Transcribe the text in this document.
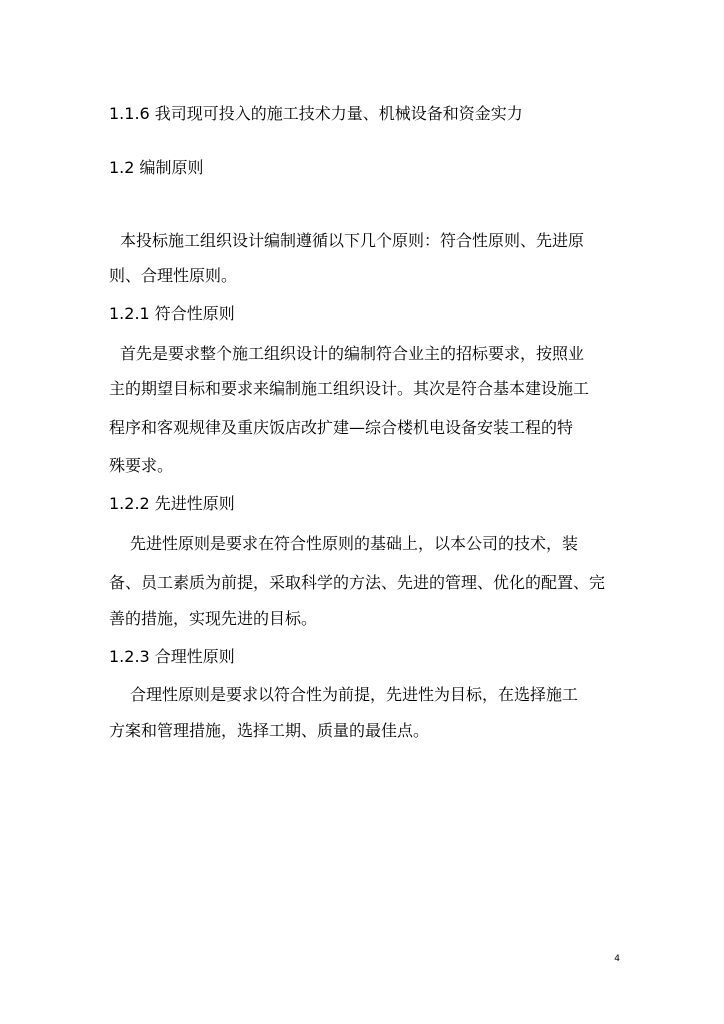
1.1.6 我司现可投入的施工技术力量、机械设备和资金实力
1.2 编制原则
本投标施工组织设计编制遵循以下几个原则：符合性原则、先进原
则、合理性原则。
1.2.1 符合性原则
首先是要求整个施工组织设计的编制符合业主的招标要求，按照业
主的期望目标和要求来编制施工组织设计。其次是符合基本建设施工
程序和客观规律及重庆饭店改扩建—综合楼机电设备安装工程的特
殊要求。
1.2.2 先进性原则
先进性原则是要求在符合性原则的基础上，以本公司的技术，装
备、员工素质为前提，采取科学的方法、先进的管理、优化的配置、完
善的措施，实现先进的目标。
1.2.3 合理性原则
合理性原则是要求以符合性为前提，先进性为目标，在选择施工
方案和管理措施，选择工期、质量的最佳点。
4
